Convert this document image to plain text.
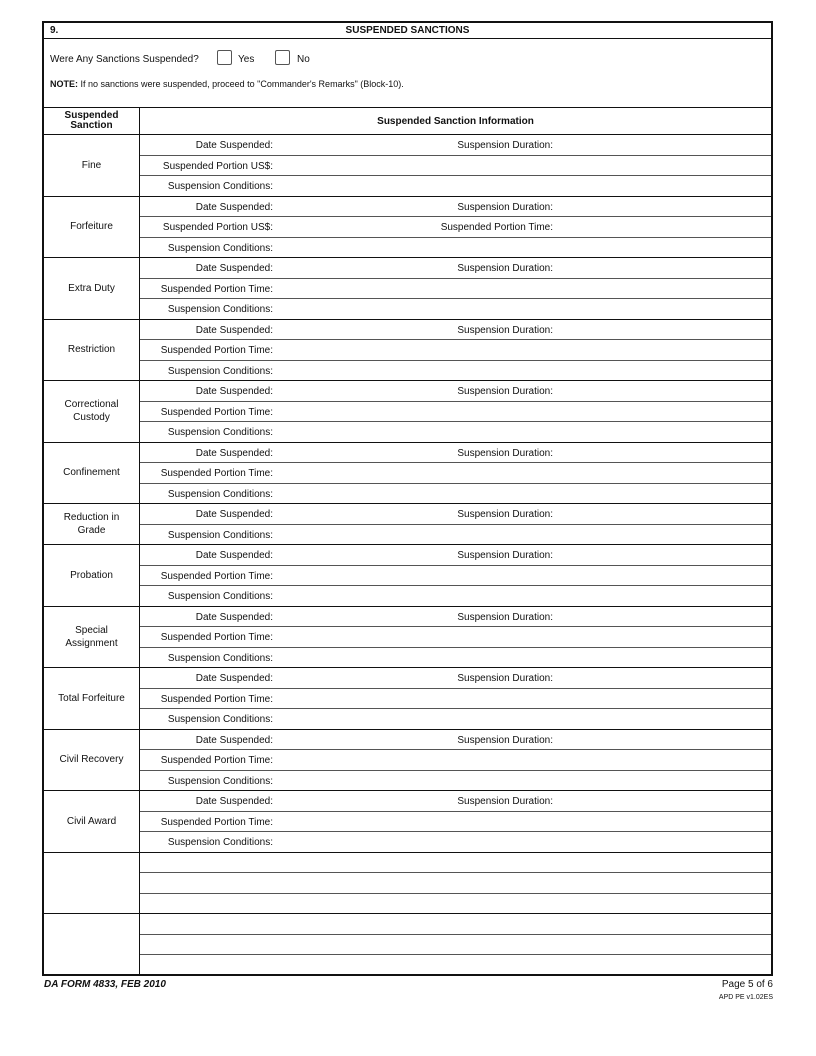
9.	SUSPENDED SANCTIONS
Were Any Sanctions Suspended?	Yes	No
NOTE: If no sanctions were suspended, proceed to "Commander's Remarks" (Block-10).
Suspended
Sanction	Suspended Sanction Information
Fine
Date Suspended:	Suspension Duration:
Suspended Portion US$:
Suspension Conditions:
Forfeiture
Date Suspended:	Suspension Duration:
Suspended Portion US$:	Suspended Portion Time:
Suspension Conditions:
Extra Duty
Date Suspended:	Suspension Duration:
Suspended Portion Time:
Suspension Conditions:
Restriction
Date Suspended:	Suspension Duration:
Suspended Portion Time:
Suspension Conditions:
Correctional Custody
Date Suspended:	Suspension Duration:
Suspended Portion Time:
Suspension Conditions:
Confinement
Date Suspended:	Suspension Duration:
Suspended Portion Time:
Suspension Conditions:
Reduction in Grade
Date Suspended:	Suspension Duration:
Suspension Conditions:
Probation
Date Suspended:	Suspension Duration:
Suspended Portion Time:
Suspension Conditions:
Special Assignment
Date Suspended:	Suspension Duration:
Suspended Portion Time:
Suspension Conditions:
Total Forfeiture
Date Suspended:	Suspension Duration:
Suspended Portion Time:
Suspension Conditions:
Civil Recovery
Date Suspended:	Suspension Duration:
Suspended Portion Time:
Suspension Conditions:
Civil Award
Date Suspended:	Suspension Duration:
Suspended Portion Time:
Suspension Conditions:
DA FORM 4833, FEB 2010	Page 5 of 6
APD PE v1.02ES
